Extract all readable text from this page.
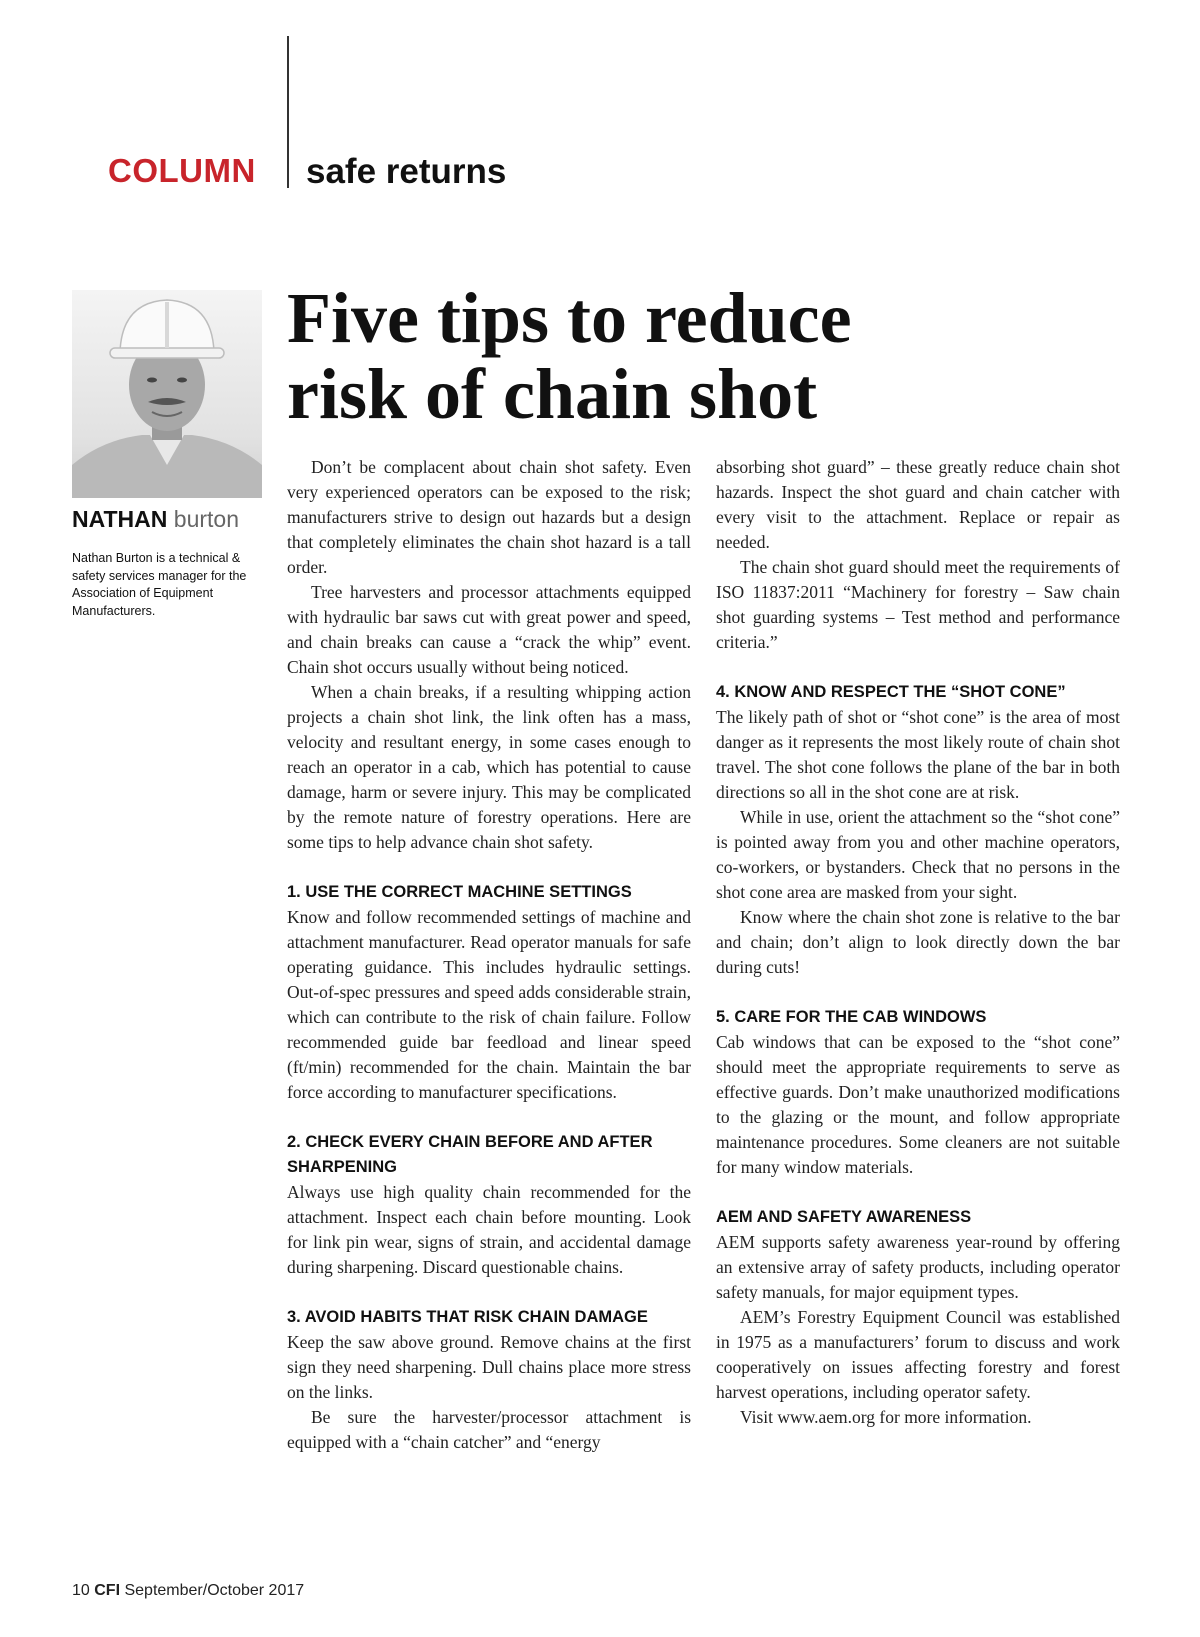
COLUMN safe returns
Five tips to reduce
risk of chain shot
NATHAN burton

Nathan Burton is a technical & safety services manager for the Association of Equipment Manufacturers.

Don’t be complacent about chain shot safety. Even very experienced operators can be exposed to the risk; manufacturers strive to design out hazards but a design that completely eliminates the chain shot hazard is a tall order.

Tree harvesters and processor attachments equipped with hydraulic bar saws cut with great power and speed, and chain breaks can cause a “crack the whip” event. Chain shot occurs usually without being noticed.

When a chain breaks, if a resulting whipping action projects a chain shot link, the link often has a mass, velocity and resultant energy, in some cases enough to reach an operator in a cab, which has potential to cause damage, harm or severe injury. This may be complicated by the remote nature of forestry operations. Here are some tips to help advance chain shot safety.

1. USE THE CORRECT MACHINE SETTINGS

Know and follow recommended settings of machine and attachment manufacturer. Read operator manuals for safe operating guidance. This includes hydraulic settings. Out-of-spec pressures and speed adds considerable strain, which can contribute to the risk of chain failure. Follow recommended guide bar feedload and linear speed (ft/min) recommended for the chain. Maintain the bar force according to manufacturer specifications.

2. CHECK EVERY CHAIN BEFORE AND AFTER SHARPENING

Always use high quality chain recommended for the attachment. Inspect each chain before mounting. Look for link pin wear, signs of strain, and accidental damage during sharpening. Discard questionable chains.

3. AVOID HABITS THAT RISK CHAIN DAMAGE

Keep the saw above ground. Remove chains at the first sign they need sharpening. Dull chains place more stress on the links.

Be sure the harvester/processor attachment is equipped with a “chain catcher” and “energy

absorbing shot guard” – these greatly reduce chain shot hazards. Inspect the shot guard and chain catcher with every visit to the attachment. Replace or repair as needed.

The chain shot guard should meet the requirements of ISO 11837:2011 “Machinery for forestry – Saw chain shot guarding systems – Test method and performance criteria.”

4. KNOW AND RESPECT THE “SHOT CONE”

The likely path of shot or “shot cone” is the area of most danger as it represents the most likely route of chain shot travel. The shot cone follows the plane of the bar in both directions so all in the shot cone are at risk.

While in use, orient the attachment so the “shot cone” is pointed away from you and other machine operators, co-workers, or bystanders. Check that no persons in the shot cone area are masked from your sight.

Know where the chain shot zone is relative to the bar and chain; don’t align to look directly down the bar during cuts!

5. CARE FOR THE CAB WINDOWS

Cab windows that can be exposed to the “shot cone” should meet the appropriate requirements to serve as effective guards. Don’t make unauthorized modifications to the glazing or the mount, and follow appropriate maintenance procedures. Some cleaners are not suitable for many window materials.

AEM AND SAFETY AWARENESS

AEM supports safety awareness year-round by offering an extensive array of safety products, including operator safety manuals, for major equipment types.

AEM’s Forestry Equipment Council was established in 1975 as a manufacturers’ forum to discuss and work cooperatively on issues affecting forestry and forest harvest operations, including operator safety.

Visit www.aem.org for more information.

10 CFI September/October 2017
